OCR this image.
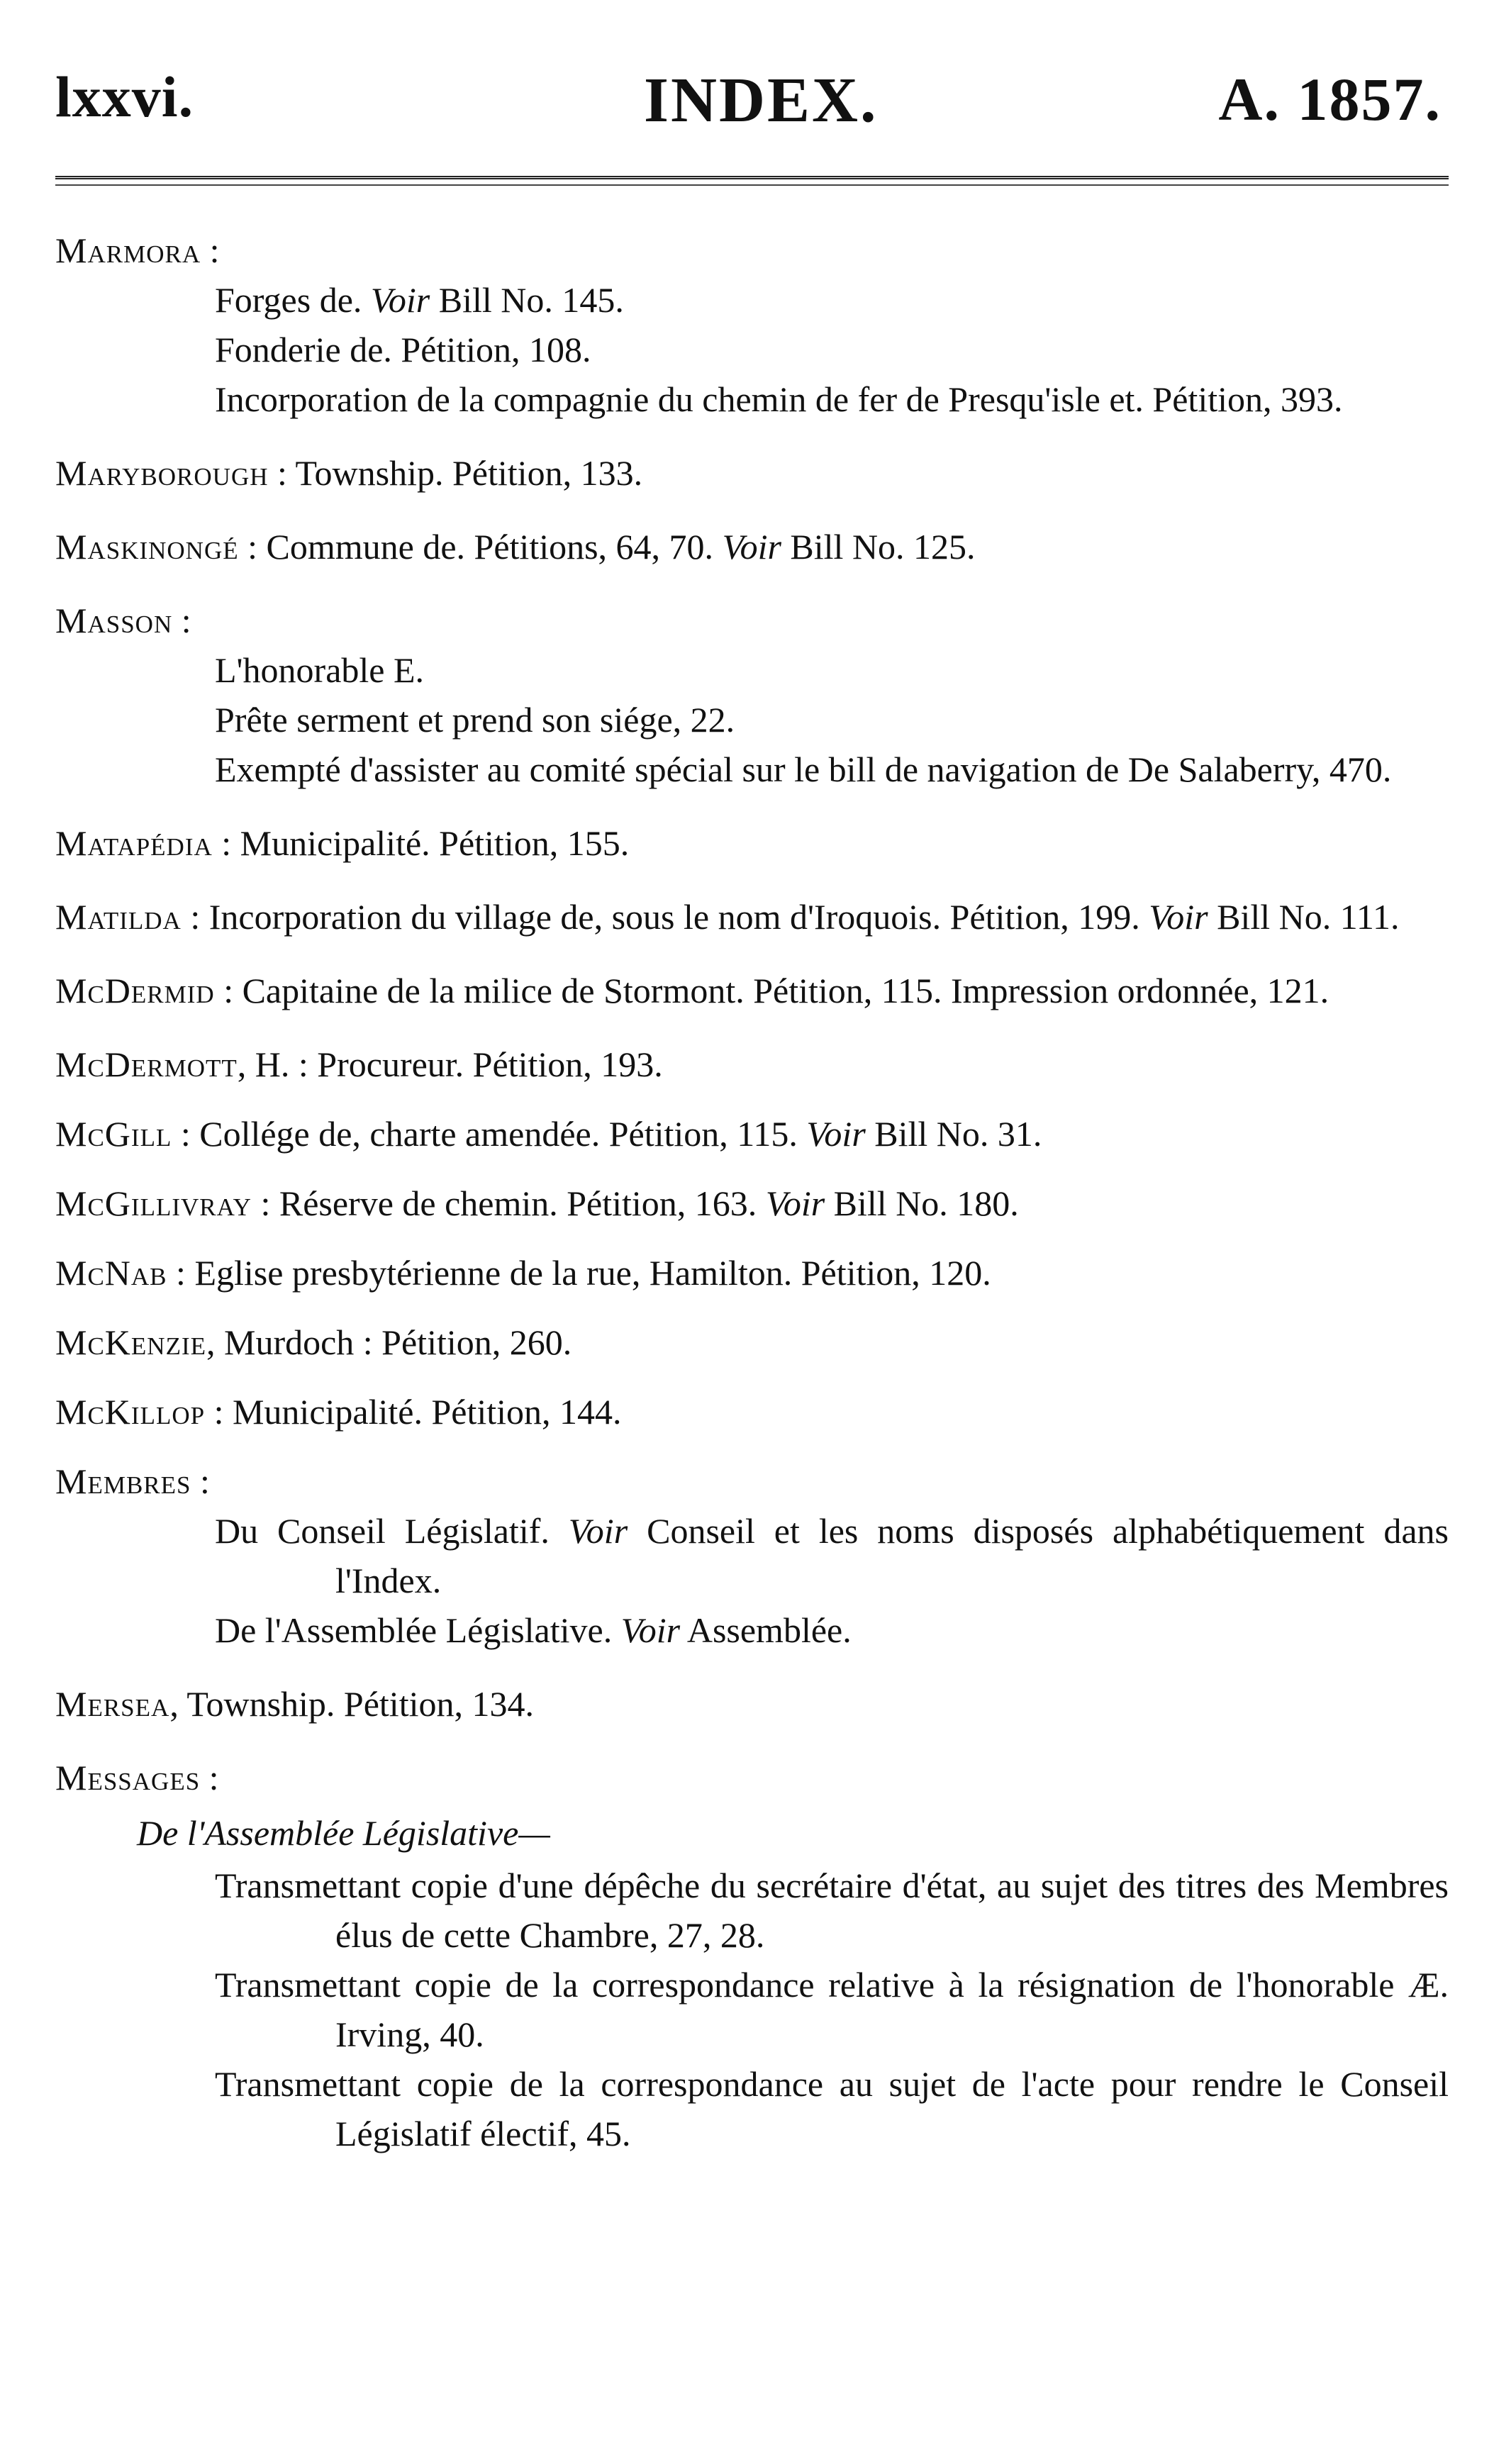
lxxvi.	INDEX.	A. 1857.
Marmora :

Forges de. Voir Bill No. 145.

Fonderie de. Pétition, 108.

Incorporation de la compagnie du chemin de fer de Presqu'isle et. Pétition, 393.

Maryborough : Township. Pétition, 133.
Maskinongé : Commune de. Pétitions, 64, 70. Voir Bill No. 125.
Masson :

L'honorable E.

Prête serment et prend son siége, 22.

Exempté d'assister au comité spécial sur le bill de navigation de De Salaberry, 470.

Matapédia : Municipalité. Pétition, 155.
Matilda : Incorporation du village de, sous le nom d'Iroquois. Pétition, 199. Voir Bill No. 111.
McDermid : Capitaine de la milice de Stormont. Pétition, 115. Impression ordonnée, 121.
McDermott, H. : Procureur. Pétition, 193.
McGill : Collége de, charte amendée. Pétition, 115. Voir Bill No. 31.
McGillivray : Réserve de chemin. Pétition, 163. Voir Bill No. 180.
McNab : Eglise presbytérienne de la rue, Hamilton. Pétition, 120.
McKenzie, Murdoch : Pétition, 260.
McKillop : Municipalité. Pétition, 144.
Membres :

Du Conseil Législatif. Voir Conseil et les noms disposés alphabétiquement dans l'Index.

De l'Assemblée Législative. Voir Assemblée.

Mersea, Township. Pétition, 134.
Messages :
De l'Assemblée Législative—

Transmettant copie d'une dépêche du secrétaire d'état, au sujet des titres des Membres élus de cette Chambre, 27, 28.

Transmettant copie de la correspondance relative à la résignation de l'honorable Æ. Irving, 40.

Transmettant copie de la correspondance au sujet de l'acte pour rendre le Conseil Législatif électif, 45.
